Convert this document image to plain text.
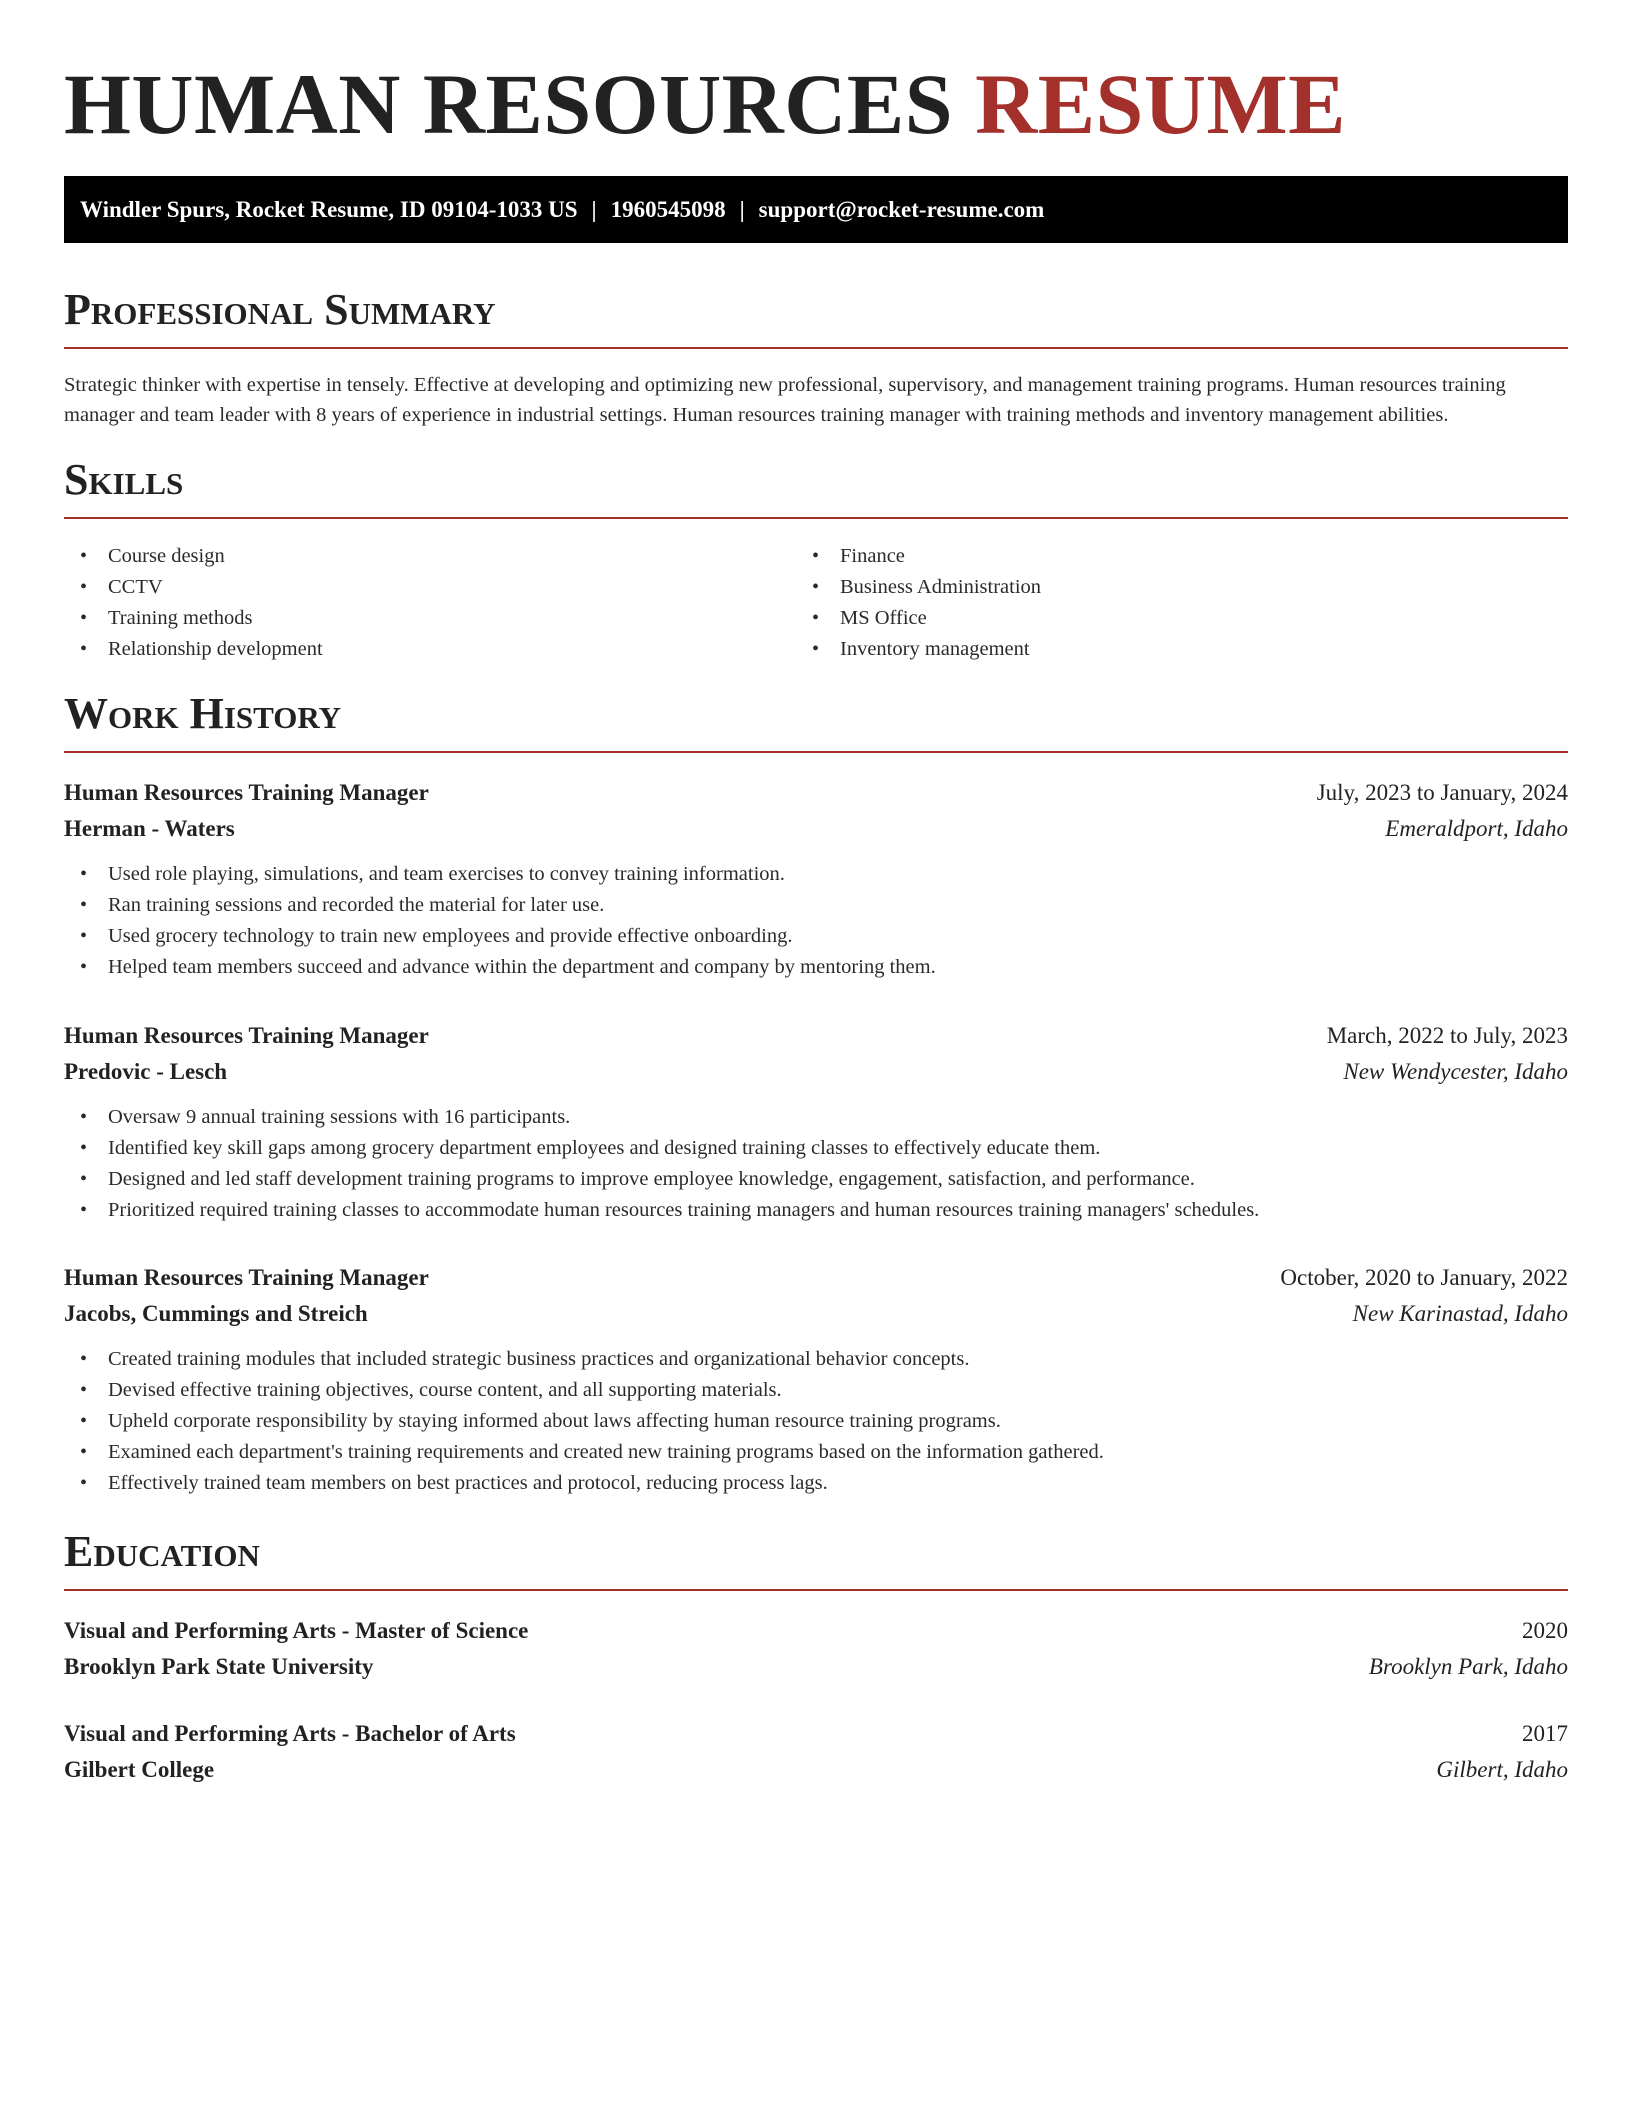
HUMAN RESOURCES RESUME
Windler Spurs, Rocket Resume, ID 09104-1033 US | 1960545098 | support@rocket-resume.com
Professional Summary

Strategic thinker with expertise in tensely. Effective at developing and optimizing new professional, supervisory, and management training programs. Human resources training manager and team leader with 8 years of experience in industrial settings. Human resources training manager with training methods and inventory management abilities.

Skills
• Course design
• CCTV
• Training methods
• Relationship development
• Finance
• Business Administration
• MS Office
• Inventory management
Work History
Human Resources Training Manager	July, 2023 to January, 2024
Herman - Waters	Emeraldport, Idaho
• Used role playing, simulations, and team exercises to convey training information.
• Ran training sessions and recorded the material for later use.
• Used grocery technology to train new employees and provide effective onboarding.
• Helped team members succeed and advance within the department and company by mentoring them.
Human Resources Training Manager	March, 2022 to July, 2023
Predovic - Lesch	New Wendycester, Idaho
• Oversaw 9 annual training sessions with 16 participants.
• Identified key skill gaps among grocery department employees and designed training classes to effectively educate them.
• Designed and led staff development training programs to improve employee knowledge, engagement, satisfaction, and performance.
• Prioritized required training classes to accommodate human resources training managers and human resources training managers' schedules.
Human Resources Training Manager	October, 2020 to January, 2022
Jacobs, Cummings and Streich	New Karinastad, Idaho
• Created training modules that included strategic business practices and organizational behavior concepts.
• Devised effective training objectives, course content, and all supporting materials.
• Upheld corporate responsibility by staying informed about laws affecting human resource training programs.
• Examined each department's training requirements and created new training programs based on the information gathered.
• Effectively trained team members on best practices and protocol, reducing process lags.
Education
Visual and Performing Arts - Master of Science	2020
Brooklyn Park State University	Brooklyn Park, Idaho
Visual and Performing Arts - Bachelor of Arts	2017
Gilbert College	Gilbert, Idaho
